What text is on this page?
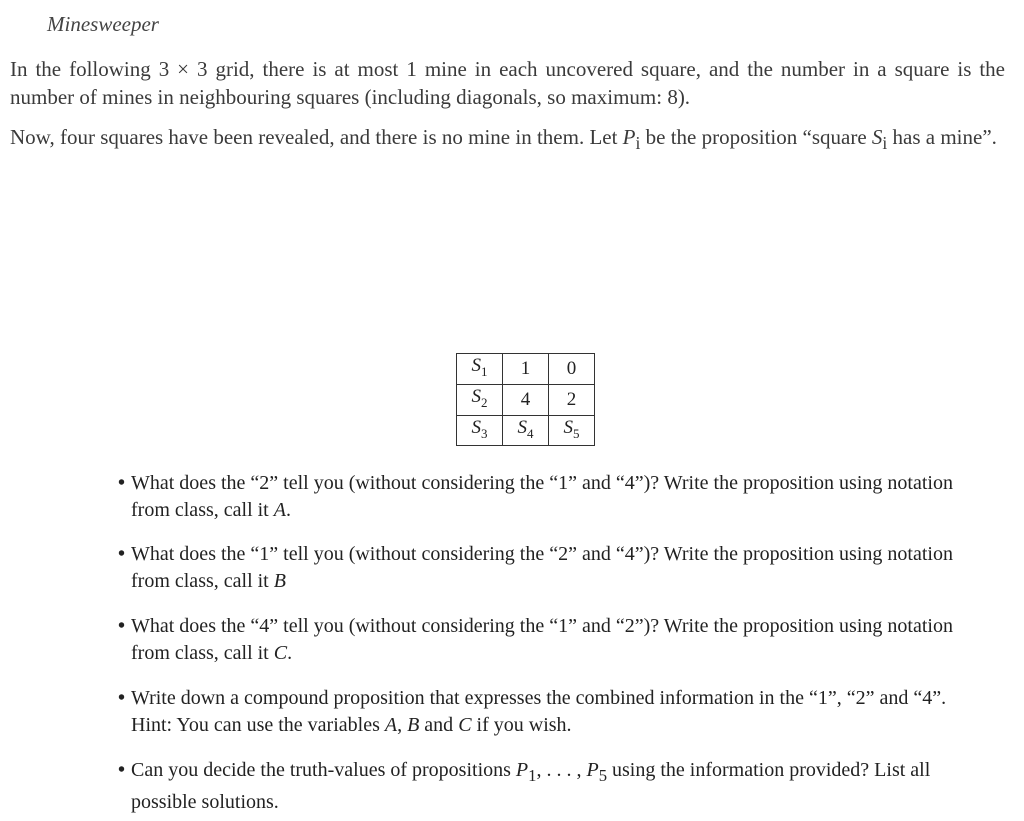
Minesweeper

In the following 3 × 3 grid, there is at most 1 mine in each uncovered square, and the number in a square is the number of mines in neighbouring squares (including diagonals, so maximum: 8).

Now, four squares have been revealed, and there is no mine in them. Let $P_i$ be the proposition “square $S_i$ has a mine”.

$S_1$	1	0
$S_2$	4	2
$S_3$	$S_4$	$S_5$
• What does the “2” tell you (without considering the “1” and “4”)? Write the proposition using notation from class, call it A.
• What does the “1” tell you (without considering the “2” and “4”)? Write the proposition using notation from class, call it B
• What does the “4” tell you (without considering the “1” and “2”)? Write the proposition using notation from class, call it C.
• Write down a compound proposition that expresses the combined information in the “1”, “2” and “4”. Hint: You can use the variables A, B and C if you wish.
• Can you decide the truth-values of propositions $P_1$, . . . , $P_5$ using the information provided? List all possible solutions.
